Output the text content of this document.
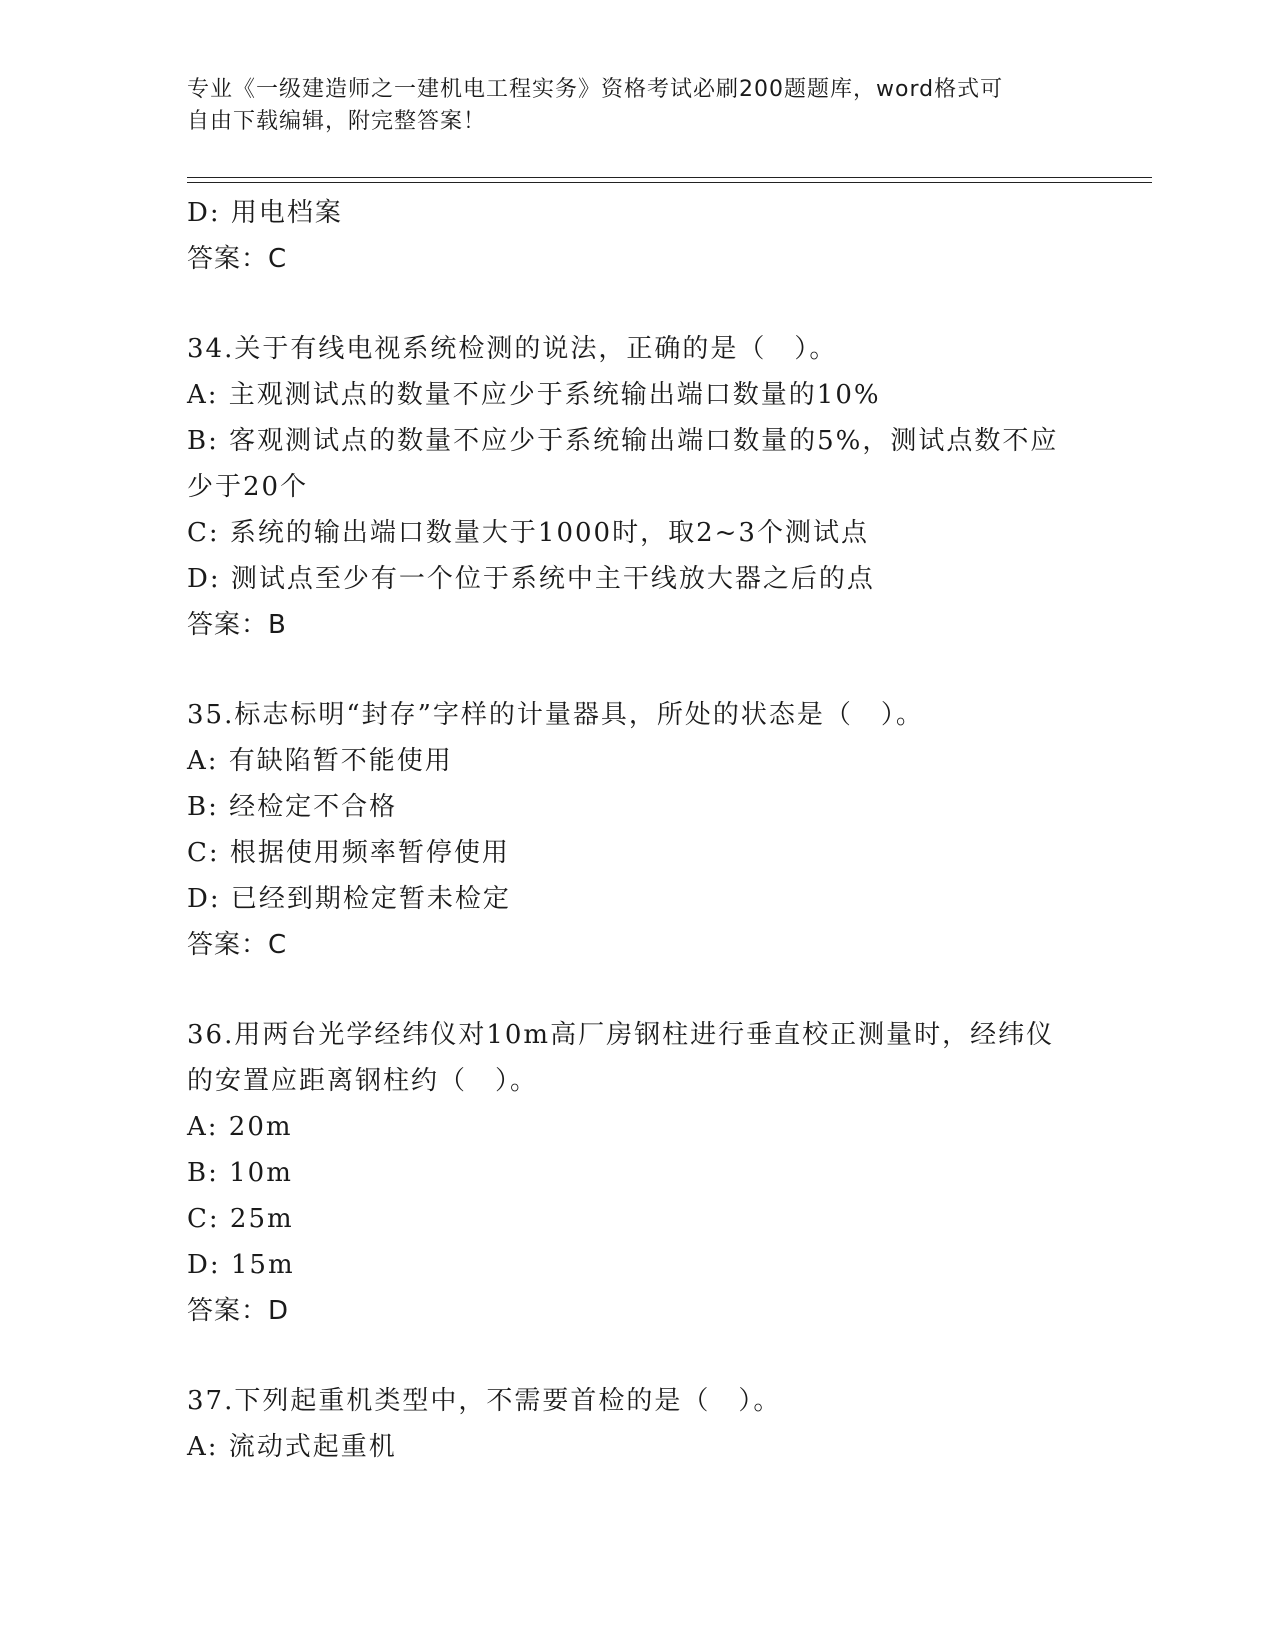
专业《一级建造师之一建机电工程实务》资格考试必刷200题题库，word格式可
自由下载编辑，附完整答案！
D: 用电档案
答案：C
34.关于有线电视系统检测的说法，正确的是（　）。
A: 主观测试点的数量不应少于系统输出端口数量的10%
B: 客观测试点的数量不应少于系统输出端口数量的5%，测试点数不应少于20个
C: 系统的输出端口数量大于1000时，取2~3个测试点
D: 测试点至少有一个位于系统中主干线放大器之后的点
答案：B
35.标志标明“封存”字样的计量器具，所处的状态是（　）。
A: 有缺陷暂不能使用
B: 经检定不合格
C: 根据使用频率暂停使用
D: 已经到期检定暂未检定
答案：C
36.用两台光学经纬仪对10m高厂房钢柱进行垂直校正测量时，经纬仪的安置应距离钢柱约（　）。
A: 20m
B: 10m
C: 25m
D: 15m
答案：D
37.下列起重机类型中，不需要首检的是（　）。
A: 流动式起重机
